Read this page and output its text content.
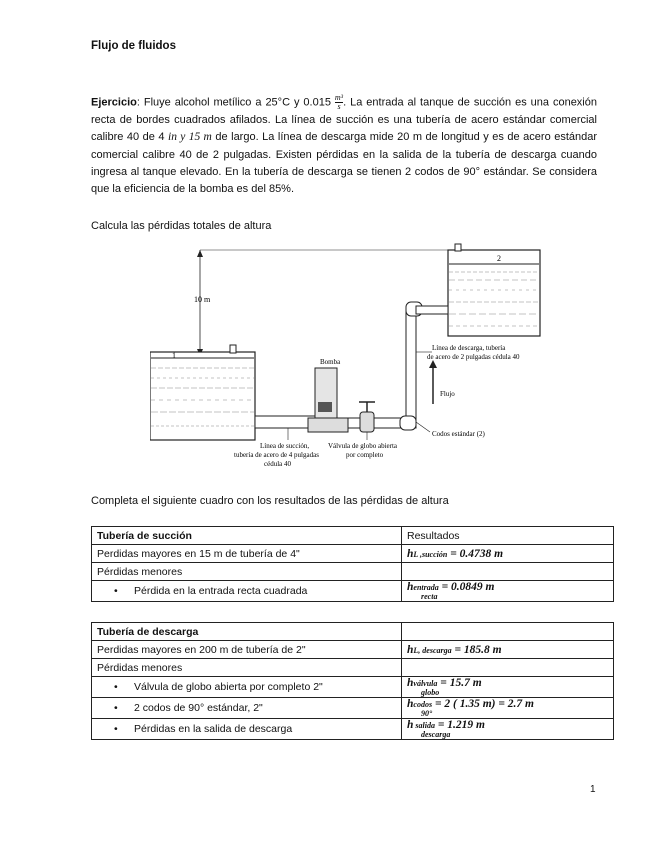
Flujo de fluidos
Ejercicio: Fluye alcohol metílico a 25°C y $0.015 \frac{\text{m³}}{s}$ . La entrada al tanque de succión es una conexión recta de bordes cuadrados afilados. La línea de succión es una tubería de acero estándar comercial calibre 40 de 4 in y 15 m de largo. La línea de descarga mide 20 m de longitud y es de acero estándar comercial calibre 40 de 2 pulgadas. Existen pérdidas en la salida de la tubería de descarga cuando ingresa al tanque elevado. En la tubería de descarga se tienen 2 codos de 90° estándar. Se considera que la eficiencia de la bomba es del 85%.
Calcula las pérdidas totales de altura
2
10 m
1
Bomba
Flujo
Línea de descarga, tubería
de acero de 2 pulgadas cédula 40
Codos estándar (2)
Válvula de globo abierta
por completo
Línea de succión,
tubería de acero de 4 pulgadas
cédula 40
Completa el siguiente cuadro con los resultados de las pérdidas de altura
Tubería de succión	Resultados
Perdidas mayores en 15 m de tubería de 4"	hL ,succión = 0.4738 m
Pérdidas menores	
• Pérdida en la entrada recta cuadrada	hentrada = 0.0849 m
recta
Tubería de descarga	
Perdidas mayores en 200 m de tubería de 2"	hL, descarga = 185.8 m
Pérdidas menores	
• Válvula de globo abierta por completo 2"	hválvula = 15.7 m
globo

• 2 codos de 90° estándar, 2"	hcodos = 2 ( 1.35 m) = 2.7 m
90°

• Pérdidas en la salida de descarga	h salida = 1.219 m
descarga
1
